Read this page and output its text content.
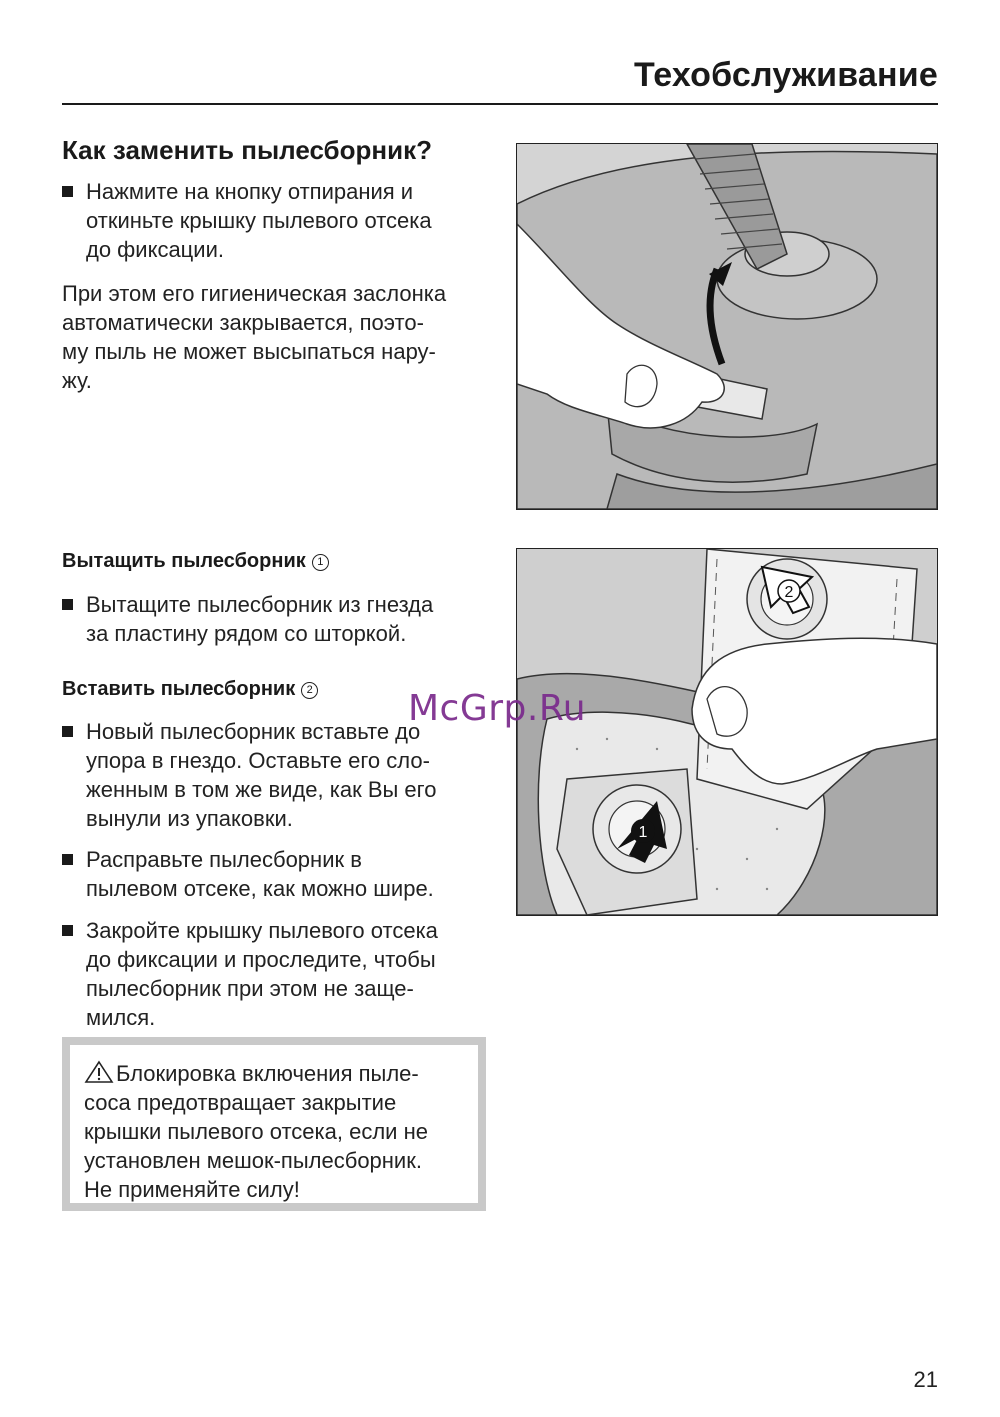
Техобслуживание
Как заменить пылесборник?
Нажмите на кнопку отпирания и
откиньте крышку пылевого отсека
до фиксации.
При этом его гигиеническая заслонка
автоматически закрывается, поэто-
му пыль не может высыпаться нару-
жу.
Вытащить пылесборник 1
Вытащите пылесборник из гнезда
за пластину рядом со шторкой.
Вставить пылесборник 2
Новый пылесборник вставьте до
упора в гнездо. Оставьте его сло-
женным в том же виде, как Вы его
вынули из упаковки.
Расправьте пылесборник в
пылевом отсеке, как можно шире.
Закройте крышку пылевого отсека
до фиксации и проследите, чтобы
пылесборник при этом не заще-
мился.
Блокировка включения пыле-
соса предотвращает закрытие
крышки пылевого отсека, если не
установлен мешок-пылесборник.
Не применяйте силу!
2
1
McGrp.Ru
21
